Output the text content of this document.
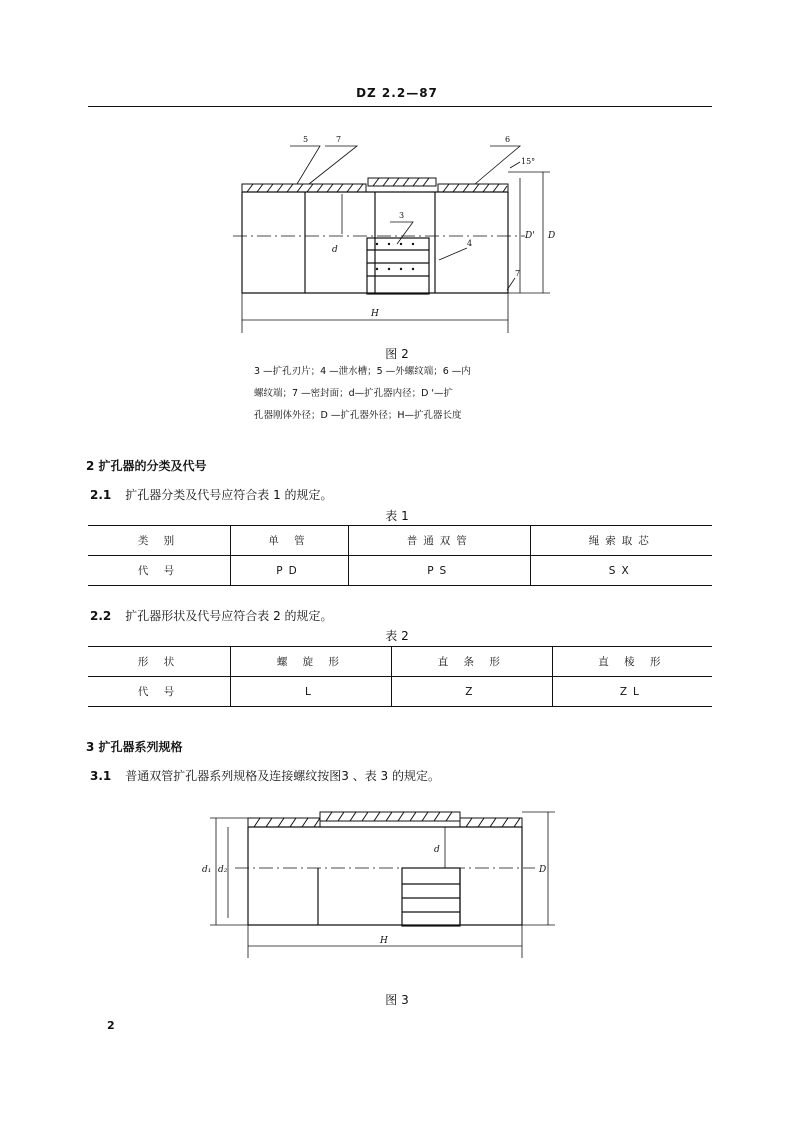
DZ 2.2—87
5	7	6
15°
3
4
7
d
D' D
H
图 2
3 —扩孔刃片；4 —泄水槽；5 —外螺纹端；6 —内
螺纹端；7 —密封面；d—扩孔器内径；D '—扩
孔器刚体外径；D —扩孔器外径；H—扩孔器长度
2 扩孔器的分类及代号
2.1 扩孔器分类及代号应符合表 1 的规定。
表 1
类 别	单 管	普通双管	绳索取芯
代 号	PD	PS	SX
2.2 扩孔器形状及代号应符合表 2 的规定。
表 2
形 状	螺 旋 形	直 条 形	直 棱 形
代 号	L	Z	ZL
3 扩孔器系列规格
3.1 普通双管扩孔器系列规格及连接螺纹按图3 、表 3 的规定。
d₁ d₂
d
D
H
图 3
2
